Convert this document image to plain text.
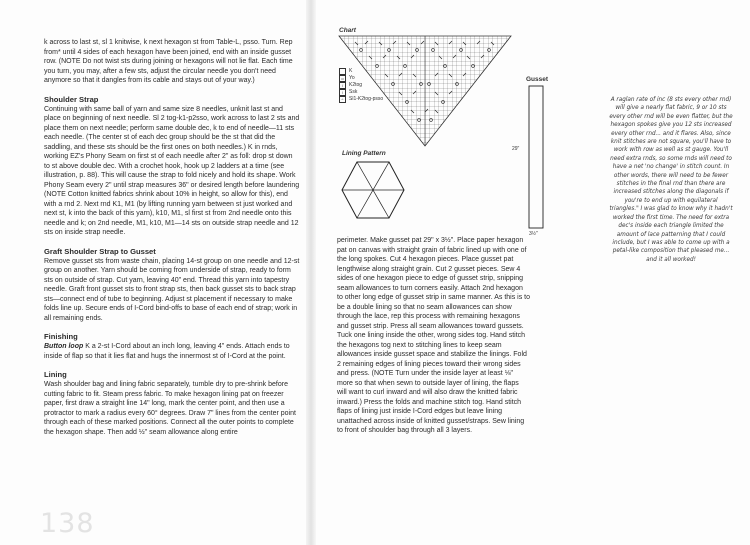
k across to last st, sl 1 knitwise, k next hexagon st from Table-L, psso. Turn. Rep from* until 4 sides of each hexagon have been joined, end with an inside gusset row. (NOTE Do not twist sts during joining or hexagons will not lie flat. Each time you turn, you may, after a few sts, adjust the circular needle you don't need anymore so that it dangles from its cable and stays out of your way.)

Shoulder Strap

Continuing with same ball of yarn and same size 8 needles, unknit last st and place on beginning of next needle. Sl 2 tog-k1-p2sso, work across to last 2 sts and place them on next needle; perform same double dec, k to end of needle—11 sts each needle. (The center st of each dec group should be the st that did the saddling, and these sts should be the first ones on both needles.) K in rnds, working EZ's Phony Seam on first st of each needle after 2" as foll: drop st down to st above double dec. With a crochet hook, hook up 2 ladders at a time (see illustration, p. 88). This will cause the strap to fold nicely and hold its shape. Work Phony Seam every 2" until strap measures 36" or desired length before laundering (NOTE Cotton knitted fabrics shrink about 10% in height, so allow for this), end with a rnd 2. Next rnd K1, M1 (by lifting running yarn between st just worked and next st, k into the back of this yarn), k10, M1, sl first st from 2nd needle onto this needle and k; on 2nd needle, M1, k10, M1—14 sts on outside strap needle and 12 sts on inside strap needle.

Graft Shoulder Strap to Gusset

Remove gusset sts from waste chain, placing 14-st group on one needle and 12-st group on another. Yarn should be coming from underside of strap, ready to form sts on outside of strap. Cut yarn, leaving 40" end. Thread this yarn into tapestry needle. Graft front gusset sts to front strap sts, then back gusset sts to back strap sts—connect end of tube to beginning. Adjust st placement if necessary to make folds line up. Secure ends of I-Cord bind-offs to base of each end of strap; work in all remaining ends.

Finishing

Button loop K a 2-st I-Cord about an inch long, leaving 4" ends. Attach ends to inside of flap so that it lies flat and hugs the innermost st of I-Cord at the point.

Lining

Wash shoulder bag and lining fabric separately, tumble dry to pre-shrink before cutting fabric to fit. Steam press fabric. To make hexagon lining pat on freezer paper, first draw a straight line 14" long, mark the center point, and then use a protractor to mark a radius every 60° degrees. Draw 7" lines from the center point through each of these marked positions. Connect all the outer points to complete the hexagon shape. Then add ½" seam allowance along entire

Chart
K
o	Yo
/	K2tog
\	Ssk
^	Sl1-K2tog-psso
Lining Pattern
Gusset
29"
3½"

perimeter. Make gusset pat 29" x 3½". Place paper hexagon pat on canvas with straight grain of fabric lined up with one of the long spokes. Cut 4 hexagon pieces. Place gusset pat lengthwise along straight grain. Cut 2 gusset pieces. Sew 4 sides of one hexagon piece to edge of gusset strip, snipping seam allowances to turn corners easily. Attach 2nd hexagon to other long edge of gusset strip in same manner. As this is to be a double lining so that no seam allowances can show through the lace, rep this process with remaining hexagons and gusset strip. Press all seam allowances toward gussets. Tuck one lining inside the other, wrong sides tog. Hand stitch the hexagons tog next to stitching lines to keep seam allowances inside gusset space and stabilize the linings. Fold 2 remaining edges of lining pieces toward their wrong sides and press. (NOTE Turn under the inside layer at least ⅛" more so that when sewn to outside layer of lining, the flaps will want to curl inward and will also draw the knitted fabric inward.) Press the folds and machine stitch tog. Hand stitch flaps of lining just inside I-Cord edges but leave lining unattached across inside of knitted gusset/straps. Sew lining to front of shoulder bag through all 3 layers.

A raglan rate of inc (8 sts every other rnd) will give a nearly flat fabric, 9 or 10 sts every other rnd will be even flatter, but the hexagon spokes give you 12 sts increased every other rnd... and it flares. Also, since knit stitches are not square, you'll have to work with row as well as st gauge. You'll need extra rnds, so some rnds will need to have a net 'no change' in stitch count. In other words, there will need to be fewer stitches in the final rnd than there are increased stitches along the diagonals if you're to end up with equilateral triangles." I was glad to know why it hadn't worked the first time. The need for extra dec's inside each triangle limited the amount of lace patterning that I could include, but I was able to come up with a petal-like composition that pleased me... and it all worked!
138
